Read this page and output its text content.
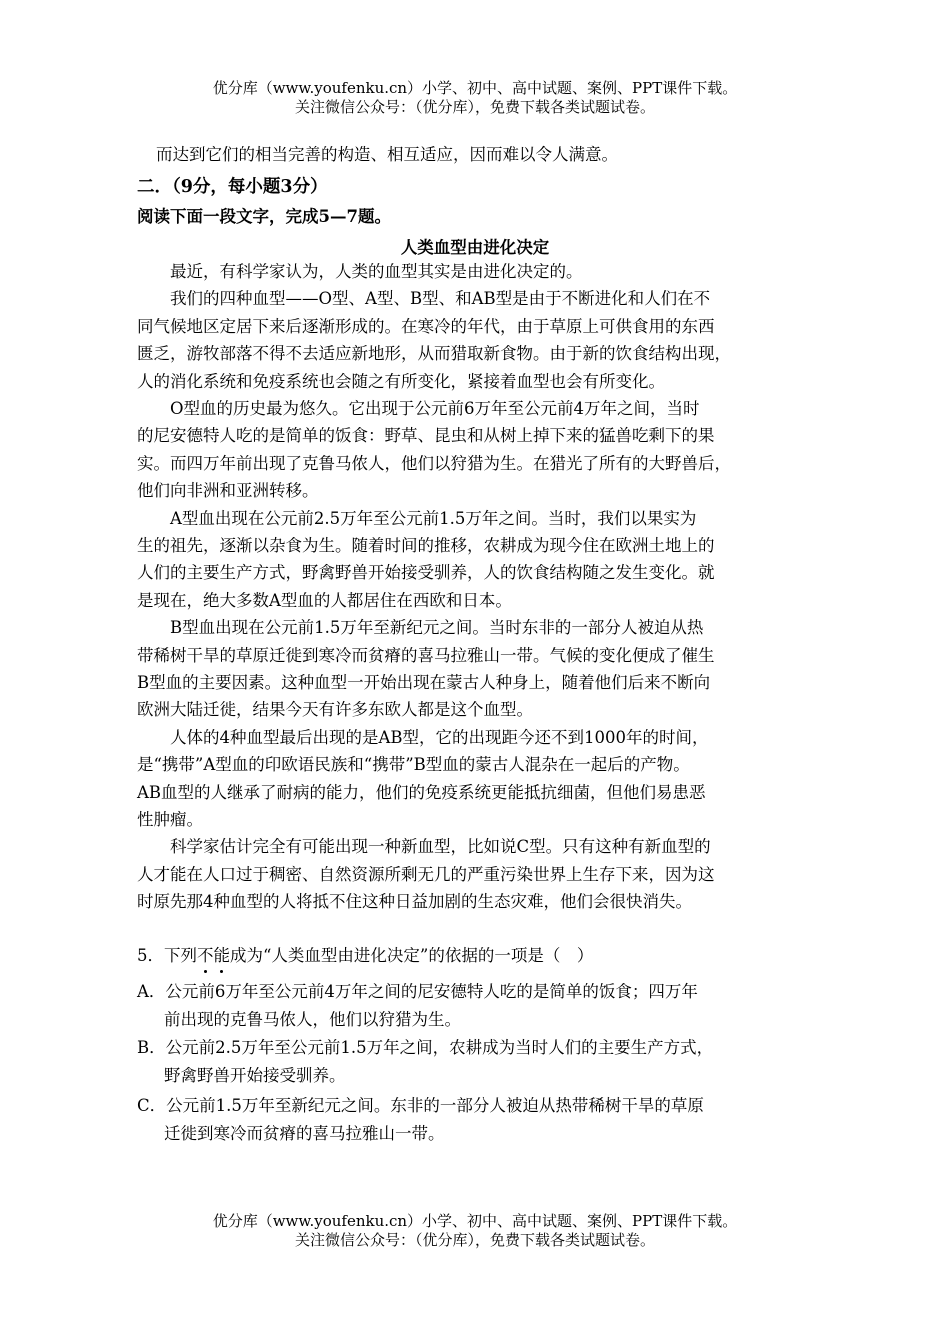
优分库（www.youfenku.cn）小学、初中、高中试题、案例、PPT课件下载。
关注微信公众号：（优分库），免费下载各类试题试卷。
而达到它们的相当完善的构造、相互适应，因而难以令人满意。
二．（9分，每小题3分）
阅读下面一段文字，完成5—7题。
人类血型由进化决定
　　最近，有科学家认为，人类的血型其实是由进化决定的。
　　我们的四种血型——O型、A型、B型、和AB型是由于不断进化和人们在不
同气候地区定居下来后逐渐形成的。在寒冷的年代，由于草原上可供食用的东西
匮乏，游牧部落不得不去适应新地形，从而猎取新食物。由于新的饮食结构出现，
人的消化系统和免疫系统也会随之有所变化，紧接着血型也会有所变化。
　　O型血的历史最为悠久。它出现于公元前6万年至公元前4万年之间，当时
的尼安德特人吃的是简单的饭食：野草、昆虫和从树上掉下来的猛兽吃剩下的果
实。而四万年前出现了克鲁马侬人，他们以狩猎为生。在猎光了所有的大野兽后，
他们向非洲和亚洲转移。
　　A型血出现在公元前2.5万年至公元前1.5万年之间。当时，我们以果实为
生的祖先，逐渐以杂食为生。随着时间的推移，农耕成为现今住在欧洲土地上的
人们的主要生产方式，野禽野兽开始接受驯养，人的饮食结构随之发生变化。就
是现在，绝大多数A型血的人都居住在西欧和日本。
　　B型血出现在公元前1.5万年至新纪元之间。当时东非的一部分人被迫从热
带稀树干旱的草原迁徙到寒冷而贫瘠的喜马拉雅山一带。气候的变化便成了催生
B型血的主要因素。这种血型一开始出现在蒙古人种身上，随着他们后来不断向
欧洲大陆迁徙，结果今天有许多东欧人都是这个血型。
　　人体的4种血型最后出现的是AB型，它的出现距今还不到1000年的时间，
是“携带”A型血的印欧语民族和“携带”B型血的蒙古人混杂在一起后的产物。
AB血型的人继承了耐病的能力，他们的免疫系统更能抵抗细菌，但他们易患恶
性肿瘤。
　　科学家估计完全有可能出现一种新血型，比如说C型。只有这种有新血型的
人才能在人口过于稠密、自然资源所剩无几的严重污染世界上生存下来，因为这
时原先那4种血型的人将抵不住这种日益加剧的生态灾难，他们会很快消失。
5．下列不能成为“人类血型由进化决定”的依据的一项是（　）
A．公元前6万年至公元前4万年之间的尼安德特人吃的是简单的饭食；四万年
前出现的克鲁马侬人，他们以狩猎为生。
B．公元前2.5万年至公元前1.5万年之间，农耕成为当时人们的主要生产方式，
野禽野兽开始接受驯养。
C．公元前1.5万年至新纪元之间。东非的一部分人被迫从热带稀树干旱的草原
迁徙到寒冷而贫瘠的喜马拉雅山一带。
优分库（www.youfenku.cn）小学、初中、高中试题、案例、PPT课件下载。
关注微信公众号：（优分库），免费下载各类试题试卷。
